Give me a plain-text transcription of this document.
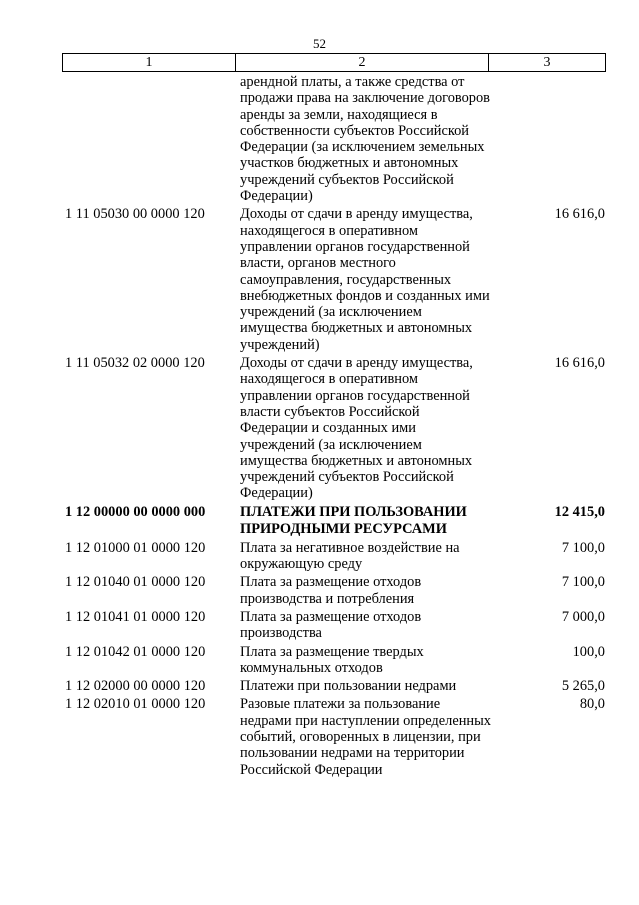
52
1	2	3
	арендной платы, а также средства от продажи права на заключение договоров аренды за земли, находящиеся в собственности субъектов Российской Федерации (за исключением земельных участков бюджетных и автономных учреждений субъектов Российской Федерации)	
1 11 05030 00 0000 120	Доходы от сдачи в аренду имущества, находящегося в оперативном управлении органов государственной власти, органов местного самоуправления, государственных внебюджетных фондов и созданных ими учреждений (за исключением имущества бюджетных и автономных учреждений)	16 616,0
1 11 05032 02 0000 120	Доходы от сдачи в аренду имущества, находящегося в оперативном управлении органов государственной власти субъектов Российской Федерации и созданных ими учреждений (за исключением имущества бюджетных и автономных учреждений субъектов Российской Федерации)	16 616,0
1 12 00000 00 0000 000	ПЛАТЕЖИ ПРИ ПОЛЬЗОВАНИИ ПРИРОДНЫМИ РЕСУРСАМИ	12 415,0
1 12 01000 01 0000 120	Плата за негативное воздействие на окружающую среду	7 100,0
1 12 01040 01 0000 120	Плата за размещение отходов производства и потребления	7 100,0
1 12 01041 01 0000 120	Плата за размещение отходов производства	7 000,0
1 12 01042 01 0000 120	Плата за размещение твердых коммунальных отходов	100,0
1 12 02000 00 0000 120	Платежи при пользовании недрами	5 265,0
1 12 02010 01 0000 120	Разовые платежи за пользование недрами при наступлении определенных событий, оговоренных в лицензии, при пользовании недрами на территории Российской Федерации	80,0
